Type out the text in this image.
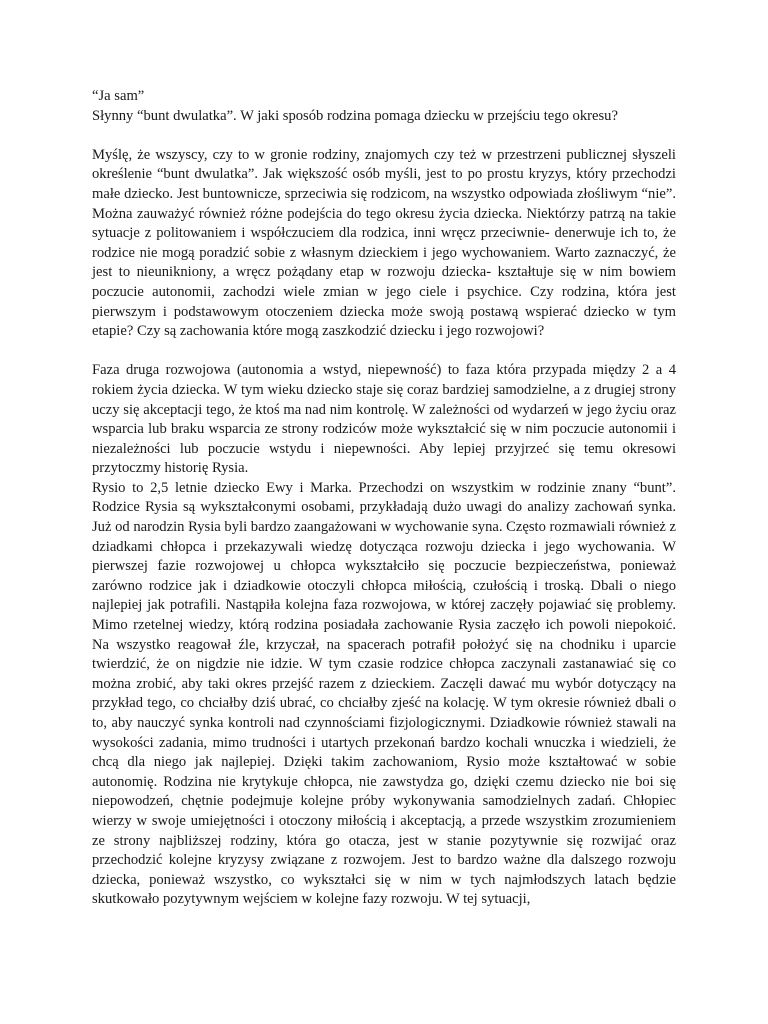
“Ja sam”

Słynny “bunt dwulatka”. W jaki sposób rodzina pomaga dziecku w przejściu tego okresu?

Myślę, że wszyscy, czy to w gronie rodziny, znajomych czy też w przestrzeni publicznej słyszeli określenie “bunt dwulatka”. Jak większość osób myśli, jest to po prostu kryzys, który przechodzi małe dziecko. Jest buntownicze, sprzeciwia się rodzicom, na wszystko odpowiada złośliwym “nie”. Można zauważyć również różne podejścia do tego okresu życia dziecka. Niektórzy patrzą na takie sytuacje z politowaniem i współczuciem dla rodzica, inni wręcz przeciwnie- denerwuje ich to, że rodzice nie mogą poradzić sobie z własnym dzieckiem i jego wychowaniem. Warto zaznaczyć, że jest to nieunikniony, a wręcz pożądany etap w rozwoju dziecka- kształtuje się w nim bowiem poczucie autonomii, zachodzi wiele zmian w jego ciele i psychice. Czy rodzina, która jest pierwszym i podstawowym otoczeniem dziecka może swoją postawą wspierać dziecko w tym etapie? Czy są zachowania które mogą zaszkodzić dziecku i jego rozwojowi?

Faza druga rozwojowa (autonomia a wstyd, niepewność) to faza która przypada między 2 a 4 rokiem życia dziecka. W tym wieku dziecko staje się coraz bardziej samodzielne, a z drugiej strony uczy się akceptacji tego, że ktoś ma nad nim kontrolę. W zależności od wydarzeń w jego życiu oraz wsparcia lub braku wsparcia ze strony rodziców może wykształcić się w nim poczucie autonomii i niezależności lub poczucie wstydu i niepewności. Aby lepiej przyjrzeć się temu okresowi przytoczmy historię Rysia.

Rysio to 2,5 letnie dziecko Ewy i Marka. Przechodzi on wszystkim w rodzinie znany “bunt”. Rodzice Rysia są wykształconymi osobami, przykładają dużo uwagi do analizy zachowań synka. Już od narodzin Rysia byli bardzo zaangażowani w wychowanie syna. Często rozmawiali również z dziadkami chłopca i przekazywali wiedzę dotycząca rozwoju dziecka i jego wychowania. W pierwszej fazie rozwojowej u chłopca wykształciło się poczucie bezpieczeństwa, ponieważ zarówno rodzice jak i dziadkowie otoczyli chłopca miłością, czułością i troską. Dbali o niego najlepiej jak potrafili. Nastąpiła kolejna faza rozwojowa, w której zaczęły pojawiać się problemy. Mimo rzetelnej wiedzy, którą rodzina posiadała zachowanie Rysia zaczęło ich powoli niepokoić. Na wszystko reagował źle, krzyczał, na spacerach potrafił położyć się na chodniku i uparcie twierdzić, że on nigdzie nie idzie. W tym czasie rodzice chłopca zaczynali zastanawiać się co można zrobić, aby taki okres przejść razem z dzieckiem. Zaczęli dawać mu wybór dotyczący na przykład tego, co chciałby dziś ubrać, co chciałby zjeść na kolację. W tym okresie również dbali o to, aby nauczyć synka kontroli nad czynnościami fizjologicznymi. Dziadkowie również stawali na wysokości zadania, mimo trudności i utartych przekonań bardzo kochali wnuczka i wiedzieli, że chcą dla niego jak najlepiej. Dzięki takim zachowaniom, Rysio może kształtować w sobie autonomię. Rodzina nie krytykuje chłopca, nie zawstydza go, dzięki czemu dziecko nie boi się niepowodzeń, chętnie podejmuje kolejne próby wykonywania samodzielnych zadań. Chłopiec wierzy w swoje umiejętności i otoczony miłością i akceptacją, a przede wszystkim zrozumieniem ze strony najbliższej rodziny, która go otacza, jest w stanie pozytywnie się rozwijać oraz przechodzić kolejne kryzysy związane z rozwojem. Jest to bardzo ważne dla dalszego rozwoju dziecka, ponieważ wszystko, co wykształci się w nim w tych najmłodszych latach będzie skutkowało pozytywnym wejściem w kolejne fazy rozwoju. W tej sytuacji,
